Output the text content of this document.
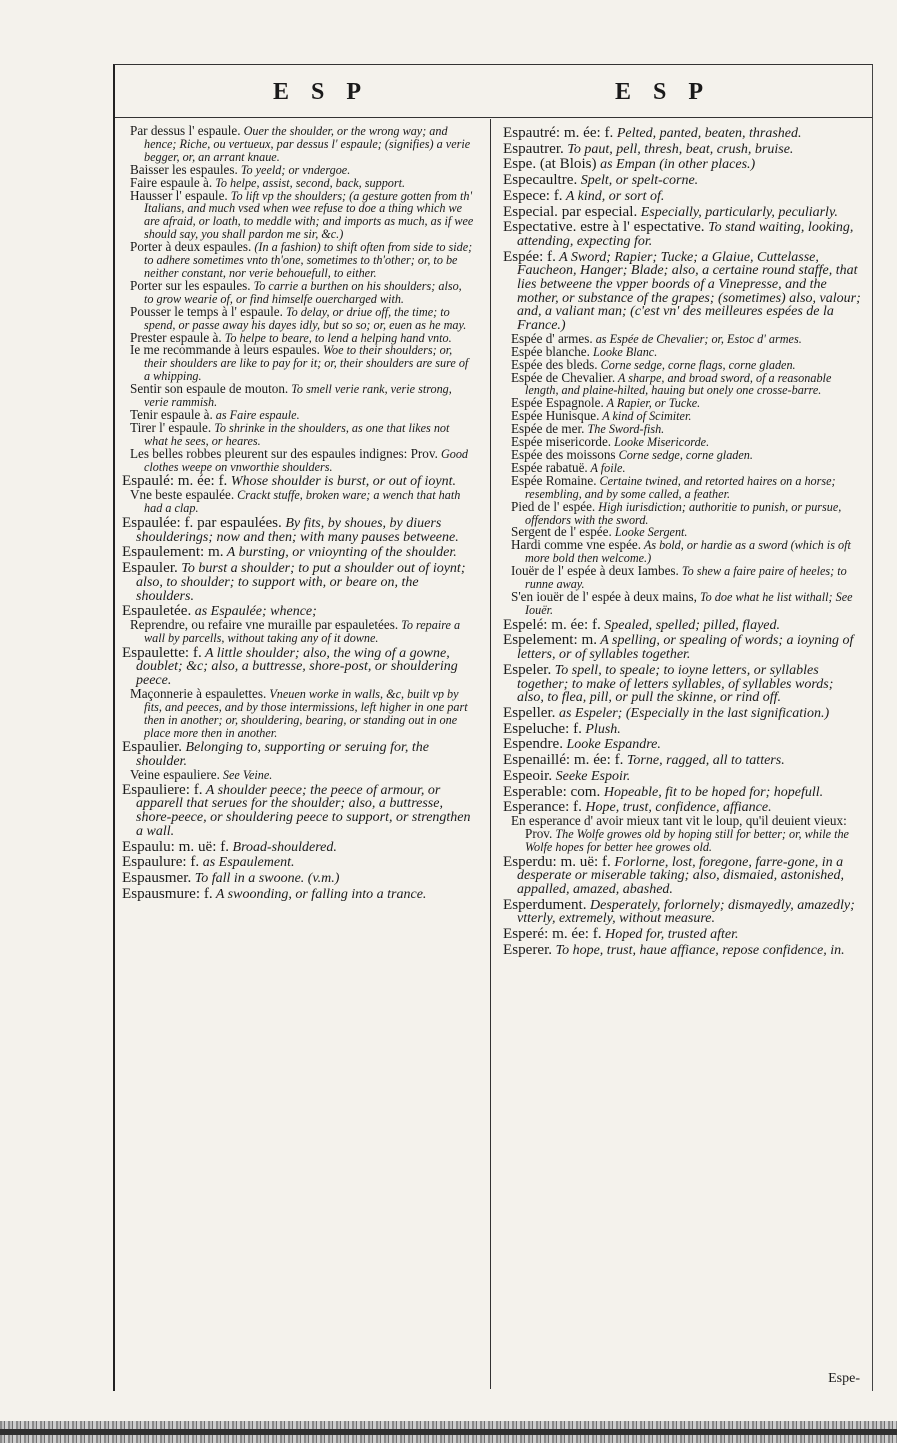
ESP	ESP

Par dessus l' espaule. Ouer the shoulder, or the wrong way; and hence; Riche, ou vertueux, par dessus l' espaule; (signifies) a verie begger, or, an arrant knaue.

Baisser les espaules. To yeeld; or vndergoe.

Faire espaule à. To helpe, assist, second, back, support.

Hausser l' espaule. To lift vp the shoulders; (a gesture gotten from th' Italians, and much vsed when wee refuse to doe a thing which we are afraid, or loath, to meddle with; and imports as much, as if wee should say, you shall pardon me sir, &c.)

Porter à deux espaules. (In a fashion) to shift often from side to side; to adhere sometimes vnto th'one, sometimes to th'other; or, to be neither constant, nor verie behouefull, to either.

Porter sur les espaules. To carrie a burthen on his shoulders; also, to grow wearie of, or find himselfe ouercharged with.

Pousser le temps à l' espaule. To delay, or driue off, the time; to spend, or passe away his dayes idly, but so so; or, euen as he may.

Prester espaule à. To helpe to beare, to lend a helping hand vnto.

Ie me recommande à leurs espaules. Woe to their shoulders; or, their shoulders are like to pay for it; or, their shoulders are sure of a whipping.

Sentir son espaule de mouton. To smell verie rank, verie strong, verie rammish.

Tenir espaule à. as Faire espaule.

Tirer l' espaule. To shrinke in the shoulders, as one that likes not what he sees, or heares.

Les belles robbes pleurent sur des espaules indignes: Prov. Good clothes weepe on vnworthie shoulders.

Espaulé: m. ée: f. Whose shoulder is burst, or out of ioynt.

Vne beste espaulée. Crackt stuffe, broken ware; a wench that hath had a clap.

Espaulée: f. par espaulées. By fits, by shoues, by diuers shoulderings; now and then; with many pauses betweene.

Espaulement: m. A bursting, or vnioynting of the shoulder.

Espauler. To burst a shoulder; to put a shoulder out of ioynt; also, to shoulder; to support with, or beare on, the shoulders.

Espauletée. as Espaulée; whence;

Reprendre, ou refaire vne muraille par espauletées. To repaire a wall by parcells, without taking any of it downe.

Espaulette: f. A little shoulder; also, the wing of a gowne, doublet; &c; also, a buttresse, shore-post, or shouldering peece.

Maçonnerie à espaulettes. Vneuen worke in walls, &c, built vp by fits, and peeces, and by those intermissions, left higher in one part then in another; or, shouldering, bearing, or standing out in one place more then in another.

Espaulier. Belonging to, supporting or seruing for, the shoulder.

Veine espauliere. See Veine.

Espauliere: f. A shoulder peece; the peece of armour, or apparell that serues for the shoulder; also, a buttresse, shore-peece, or shouldering peece to support, or strengthen a wall.

Espaulu: m. uë: f. Broad-shouldered.

Espaulure: f. as Espaulement.

Espausmer. To fall in a swoone. (v.m.)

Espausmure: f. A swoonding, or falling into a trance.

Espautré: m. ée: f. Pelted, panted, beaten, thrashed.

Espautrer. To paut, pell, thresh, beat, crush, bruise.

Espe. (at Blois) as Empan (in other places.)

Especaultre. Spelt, or spelt-corne.

Espece: f. A kind, or sort of.

Especial. par especial. Especially, particularly, peculiarly.

Espectative. estre à l' espectative. To stand waiting, looking, attending, expecting for.

Espée: f. A Sword; Rapier; Tucke; a Glaiue, Cuttelasse, Faucheon, Hanger; Blade; also, a certaine round staffe, that lies betweene the vpper boords of a Vinepresse, and the mother, or substance of the grapes; (sometimes) also, valour; and, a valiant man; (c'est vn' des meilleures espées de la France.)

Espée d' armes. as Espée de Chevalier; or, Estoc d' armes.

Espée blanche. Looke Blanc.

Espée des bleds. Corne sedge, corne flags, corne gladen.

Espée de Chevalier. A sharpe, and broad sword, of a reasonable length, and plaine-hilted, hauing but onely one crosse-barre.

Espée Espagnole. A Rapier, or Tucke.

Espée Hunisque. A kind of Scimiter.

Espée de mer. The Sword-fish.

Espée misericorde. Looke Misericorde.

Espée des moissons Corne sedge, corne gladen.

Espée rabatuë. A foile.

Espée Romaine. Certaine twined, and retorted haires on a horse; resembling, and by some called, a feather.

Pied de l' espée. High iurisdiction; authoritie to punish, or pursue, offendors with the sword.

Sergent de l' espée. Looke Sergent.

Hardi comme vne espée. As bold, or hardie as a sword (which is oft more bold then welcome.)

Iouër de l' espée à deux Iambes. To shew a faire paire of heeles; to runne away.

S'en iouër de l' espée à deux mains, To doe what he list withall; See Iouër.

Espelé: m. ée: f. Spealed, spelled; pilled, flayed.

Espelement: m. A spelling, or spealing of words; a ioyning of letters, or of syllables together.

Espeler. To spell, to speale; to ioyne letters, or syllables together; to make of letters syllables, of syllables words; also, to flea, pill, or pull the skinne, or rind off.

Espeller. as Espeler; (Especially in the last signification.)

Espeluche: f. Plush.

Espendre. Looke Espandre.

Espenaillé: m. ée: f. Torne, ragged, all to tatters.

Espeoir. Seeke Espoir.

Esperable: com. Hopeable, fit to be hoped for; hopefull.

Esperance: f. Hope, trust, confidence, affiance.

En esperance d' avoir mieux tant vit le loup, qu'il deuient vieux: Prov. The Wolfe growes old by hoping still for better; or, while the Wolfe hopes for better hee growes old.

Esperdu: m. uë: f. Forlorne, lost, foregone, farre-gone, in a desperate or miserable taking; also, dismaied, astonished, appalled, amazed, abashed.

Esperdument. Desperately, forlornely; dismayedly, amazedly; vtterly, extremely, without measure.

Esperé: m. ée: f. Hoped for, trusted after.

Esperer. To hope, trust, haue affiance, repose confidence, in.

Espe-
